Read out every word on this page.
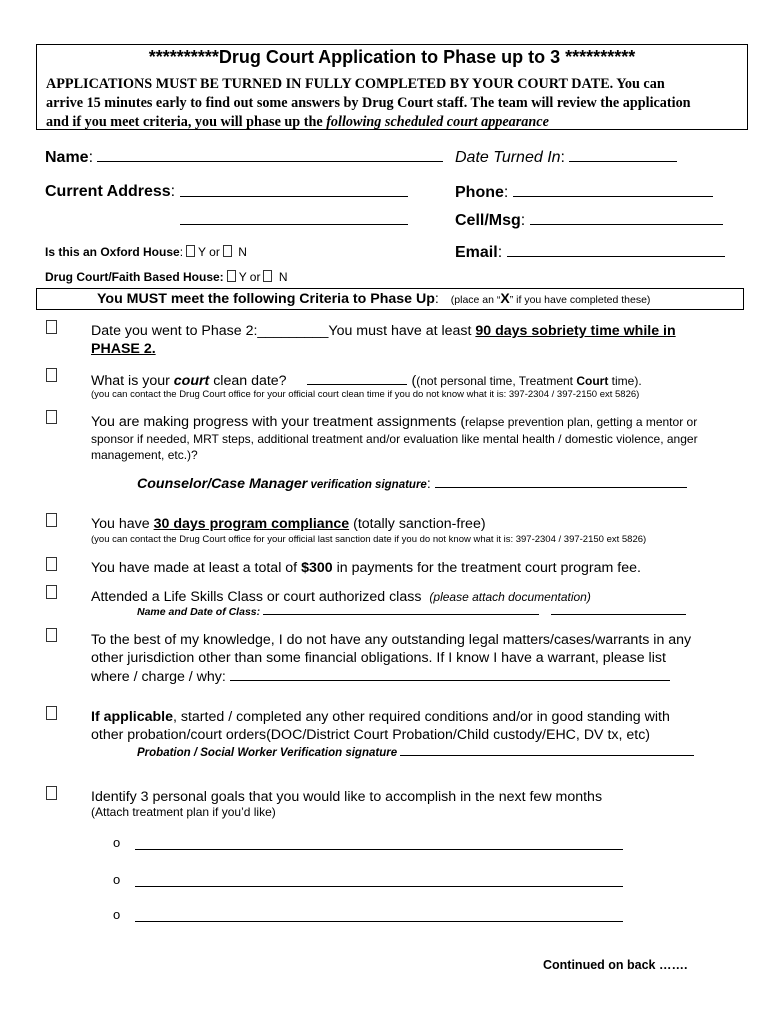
**********Drug Court Application to Phase up to 3 **********
APPLICATIONS MUST BE TURNED IN FULLY COMPLETED BY YOUR COURT DATE. You can
arrive 15 minutes early to find out some answers by Drug Court staff. The team will review the application
and if you meet criteria, you will phase up the following scheduled court appearance
Name:	Date Turned In:
Current Address:	Phone:
Cell/Msg:
Email:
Is this an Oxford House: Y or N
Drug Court/Faith Based House: Y or N
You MUST meet the following Criteria to Phase Up: (place an “X” if you have completed these)
Date you went to Phase 2:_________You must have at least 90 days sobriety time while in
PHASE 2.
What is your court clean date?	((not personal time, Treatment Court time).
(you can contact the Drug Court office for your official court clean time if you do not know what it is: 397-2304 / 397-2150 ext 5826)
You are making progress with your treatment assignments (relapse prevention plan, getting a mentor or
sponsor if needed, MRT steps, additional treatment and/or evaluation like mental health / domestic violence, anger
management, etc.)?
Counselor/Case Manager verification signature:
You have 30 days program compliance (totally sanction-free)
(you can contact the Drug Court office for your official last sanction date if you do not know what it is: 397-2304 / 397-2150 ext 5826)
You have made at least a total of $300 in payments for the treatment court program fee.
Attended a Life Skills Class or court authorized class (please attach documentation)
Name and Date of Class:
To the best of my knowledge, I do not have any outstanding legal matters/cases/warrants in any
other jurisdiction other than some financial obligations. If I know I have a warrant, please list
where / charge / why:
If applicable, started / completed any other required conditions and/or in good standing with
other probation/court orders(DOC/District Court Probation/Child custody/EHC, DV tx, etc)
Probation / Social Worker Verification signature
Identify 3 personal goals that you would like to accomplish in the next few months
(Attach treatment plan if you’d like)
o
o
o
Continued on back …….
